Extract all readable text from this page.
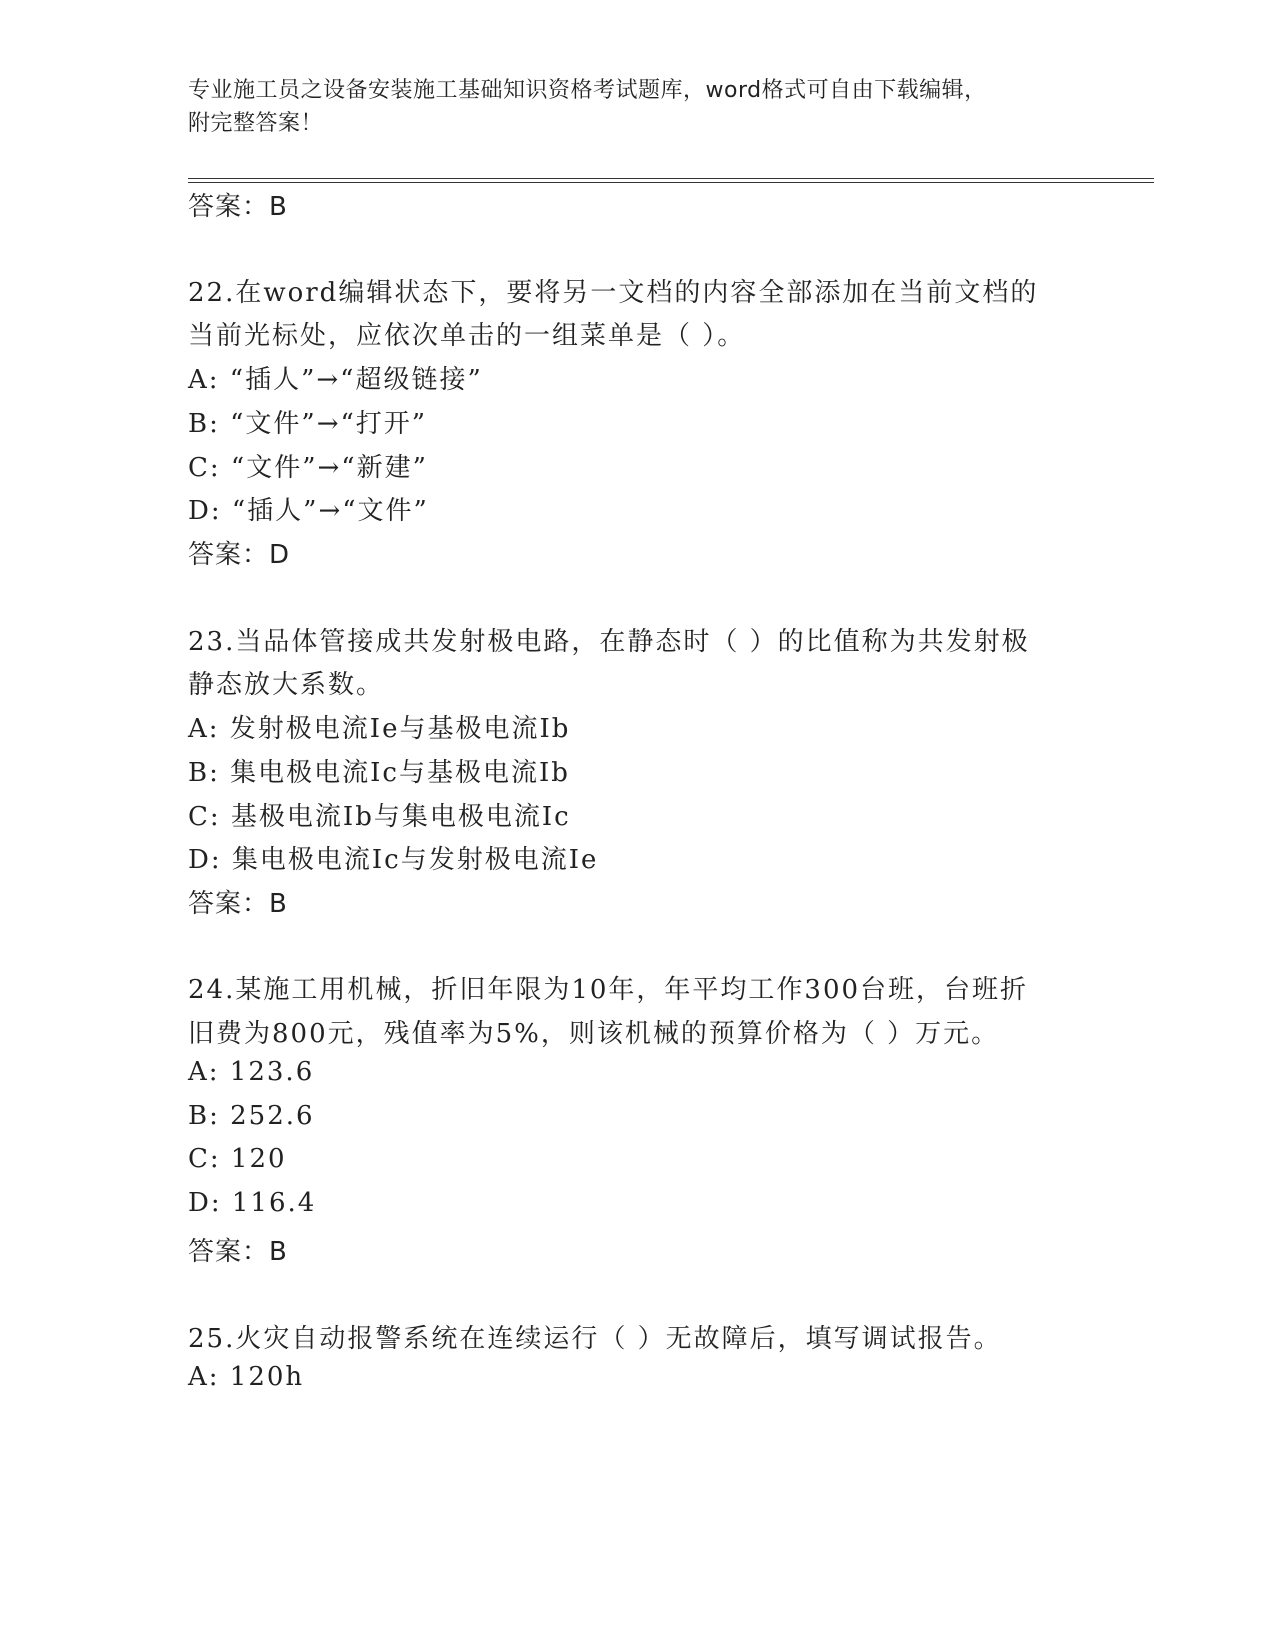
专业施工员之设备安装施工基础知识资格考试题库，word格式可自由下载编辑，
附完整答案！
答案：B
22.在word编辑状态下，要将另一文档的内容全部添加在当前文档的
当前光标处，应依次单击的一组菜单是（ ）。
A: “插人”→“超级链接”
B: “文件”→“打开”
C: “文件”→“新建”
D: “插人”→“文件”
答案：D
23.当品体管接成共发射极电路，在静态时（ ）的比值称为共发射极
静态放大系数。
A: 发射极电流Ie与基极电流Ib
B: 集电极电流Ic与基极电流Ib
C: 基极电流Ib与集电极电流Ic
D: 集电极电流Ic与发射极电流Ie
答案：B
24.某施工用机械，折旧年限为10年，年平均工作300台班，台班折
旧费为800元，残值率为5%，则该机械的预算价格为（ ）万元。
A: 123.6
B: 252.6
C: 120
D: 116.4
答案：B
25.火灾自动报警系统在连续运行（ ）无故障后，填写调试报告。
A: 120h
